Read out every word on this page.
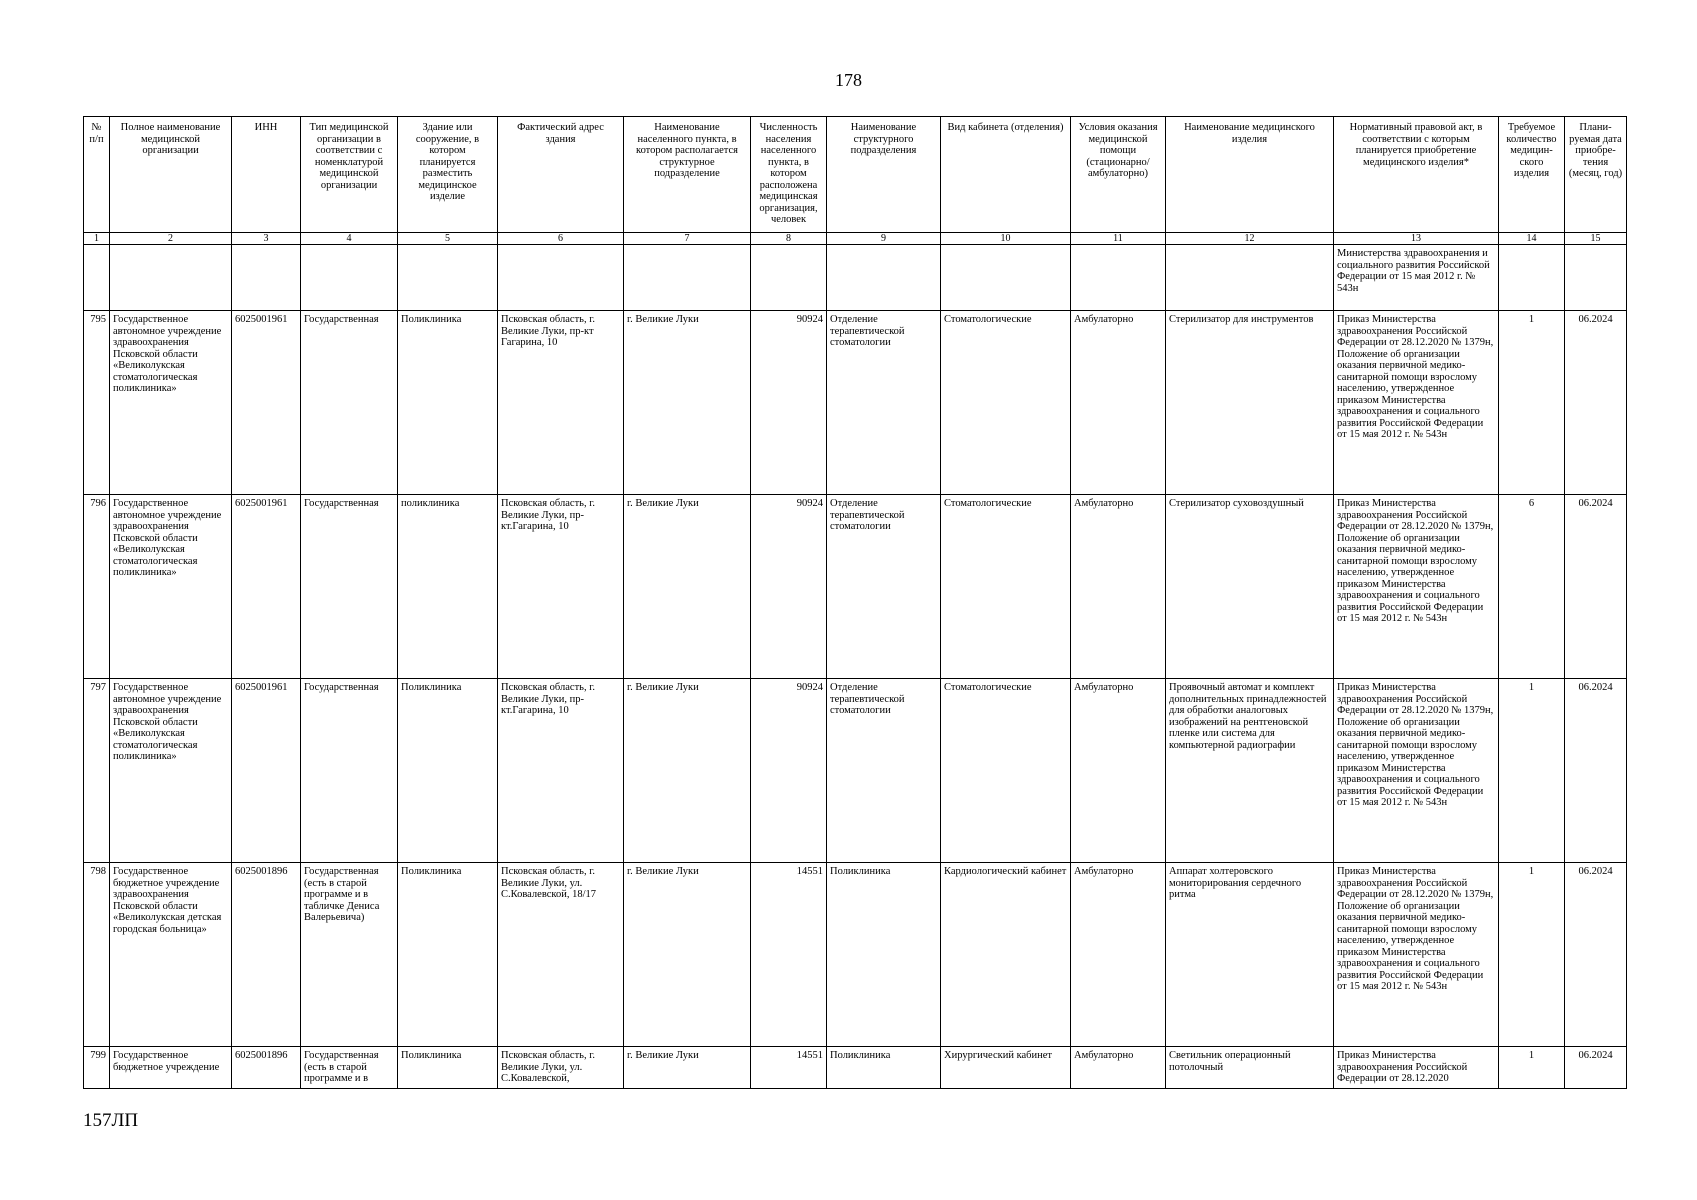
178
№ п/п	Полное наименование медицинской организации	ИНН	Тип медицинской организации в соответствии с номенклатурой медицинской организации	Здание или сооружение, в котором планируется разместить медицинское изделие	Фактический адрес здания	Наименование населенного пункта, в котором располагается структурное подразделение	Численность населения населенного пункта, в котором расположена медицинская организация, человек	Наименование структурного подразделения	Вид кабинета (отделения)	Условия оказания медицинской помощи (стационарно/ амбулаторно)	Наименование медицинского изделия	Нормативный правовой акт, в соответствии с которым планируется приобретение медицинского изделия*	Требуемое количество медицин-ского изделия	Плани-руемая дата приобре-тения (месяц, год)
1	2	3	4	5	6	7	8	9	10	11	12	13	14	15
												Министерства здравоохранения и социального развития Российской Федерации от 15 мая 2012 г. № 543н		
795	Государственное автономное учреждение здравоохранения Псковской области «Великолукская стоматологическая поликлиника»	6025001961	Государственная	Поликлиника	Псковская область, г. Великие Луки, пр-кт Гагарина, 10	г. Великие Луки	90924	Отделение терапевтической стоматологии	Стоматологические	Амбулаторно	Стерилизатор для инструментов	Приказ Министерства здравоохранения Российской Федерации от 28.12.2020 № 1379н, Положение об организации оказания первичной медико-санитарной помощи взрослому населению, утвержденное приказом Министерства здравоохранения и социального развития Российской Федерации от 15 мая 2012 г. № 543н	1	06.2024
796	Государственное автономное учреждение здравоохранения Псковской области «Великолукская стоматологическая поликлиника»	6025001961	Государственная	поликлиника	Псковская область, г. Великие Луки, пр-кт.Гагарина, 10	г. Великие Луки	90924	Отделение терапевтической стоматологии	Стоматологические	Амбулаторно	Стерилизатор суховоздушный	Приказ Министерства здравоохранения Российской Федерации от 28.12.2020 № 1379н, Положение об организации оказания первичной медико-санитарной помощи взрослому населению, утвержденное приказом Министерства здравоохранения и социального развития Российской Федерации от 15 мая 2012 г. № 543н	6	06.2024
797	Государственное автономное учреждение здравоохранения Псковской области «Великолукская стоматологическая поликлиника»	6025001961	Государственная	Поликлиника	Псковская область, г. Великие Луки, пр-кт.Гагарина, 10	г. Великие Луки	90924	Отделение терапевтической стоматологии	Стоматологические	Амбулаторно	Проявочный автомат и комплект дополнительных принадлежностей для обработки аналоговых изображений на рентгеновской пленке или система для компьютерной радиографии	Приказ Министерства здравоохранения Российской Федерации от 28.12.2020 № 1379н, Положение об организации оказания первичной медико-санитарной помощи взрослому населению, утвержденное приказом Министерства здравоохранения и социального развития Российской Федерации от 15 мая 2012 г. № 543н	1	06.2024
798	Государственное бюджетное учреждение здравоохранения Псковской области «Великолукская детская городская больница»	6025001896	Государственная (есть в старой программе и в табличке Дениса Валерьевича)	Поликлиника	Псковская область, г. Великие Луки, ул. С.Ковалевской, 18/17	г. Великие Луки	14551	Поликлиника	Кардиологический кабинет	Амбулаторно	Аппарат холтеровского мониторирования сердечного ритма	Приказ Министерства здравоохранения Российской Федерации от 28.12.2020 № 1379н, Положение об организации оказания первичной медико-санитарной помощи взрослому населению, утвержденное приказом Министерства здравоохранения и социального развития Российской Федерации от 15 мая 2012 г. № 543н	1	06.2024
799	Государственное бюджетное учреждение	6025001896	Государственная (есть в старой программе и в	Поликлиника	Псковская область, г. Великие Луки, ул. С.Ковалевской,	г. Великие Луки	14551	Поликлиника	Хирургический кабинет	Амбулаторно	Светильник операционный потолочный	Приказ Министерства здравоохранения Российской Федерации от 28.12.2020	1	06.2024
157ЛП
